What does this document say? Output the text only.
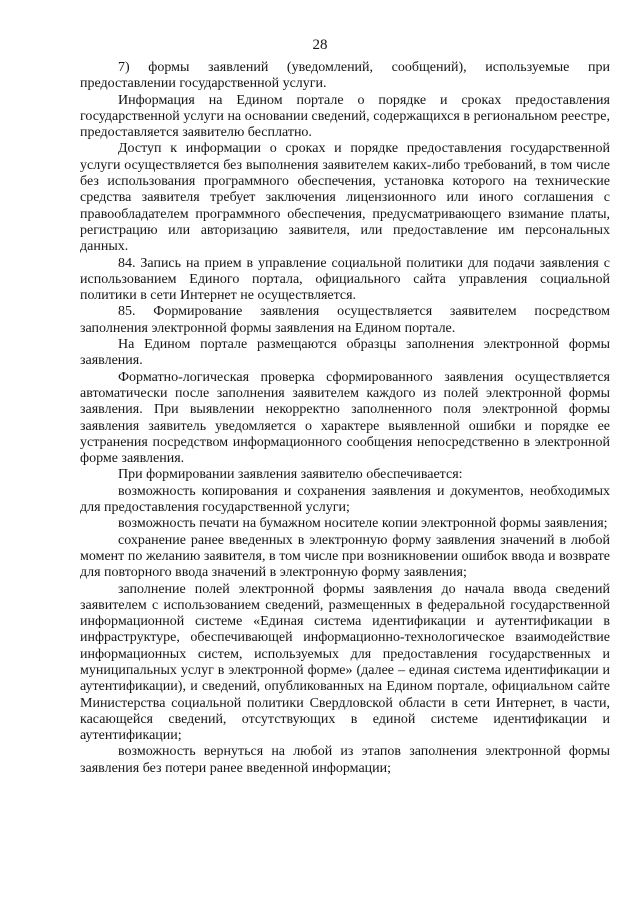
28

7) формы заявлений (уведомлений, сообщений), используемые при предоставлении государственной услуги.

Информация на Едином портале о порядке и сроках предоставления государственной услуги на основании сведений, содержащихся в региональном реестре, предоставляется заявителю бесплатно.

Доступ к информации о сроках и порядке предоставления государственной услуги осуществляется без выполнения заявителем каких-либо требований, в том числе без использования программного обеспечения, установка которого на технические средства заявителя требует заключения лицензионного или иного соглашения с правообладателем программного обеспечения, предусматривающего взимание платы, регистрацию или авторизацию заявителя, или предоставление им персональных данных.

84. Запись на прием в управление социальной политики для подачи заявления с использованием Единого портала, официального сайта управления социальной политики в сети Интернет не осуществляется.

85. Формирование заявления осуществляется заявителем посредством заполнения электронной формы заявления на Едином портале.

На Едином портале размещаются образцы заполнения электронной формы заявления.

Форматно-логическая проверка сформированного заявления осуществляется автоматически после заполнения заявителем каждого из полей электронной формы заявления. При выявлении некорректно заполненного поля электронной формы заявления заявитель уведомляется о характере выявленной ошибки и порядке ее устранения посредством информационного сообщения непосредственно в электронной форме заявления.

При формировании заявления заявителю обеспечивается:

возможность копирования и сохранения заявления и документов, необходимых для предоставления государственной услуги;

возможность печати на бумажном носителе копии электронной формы заявления;

сохранение ранее введенных в электронную форму заявления значений в любой момент по желанию заявителя, в том числе при возникновении ошибок ввода и возврате для повторного ввода значений в электронную форму заявления;

заполнение полей электронной формы заявления до начала ввода сведений заявителем с использованием сведений, размещенных в федеральной государственной информационной системе «Единая система идентификации и аутентификации в инфраструктуре, обеспечивающей информационно-технологическое взаимодействие информационных систем, используемых для предоставления государственных и муниципальных услуг в электронной форме» (далее – единая система идентификации и аутентификации), и сведений, опубликованных на Едином портале, официальном сайте Министерства социальной политики Свердловской области в сети Интернет, в части, касающейся сведений, отсутствующих в единой системе идентификации и аутентификации;

возможность вернуться на любой из этапов заполнения электронной формы заявления без потери ранее введенной информации;
